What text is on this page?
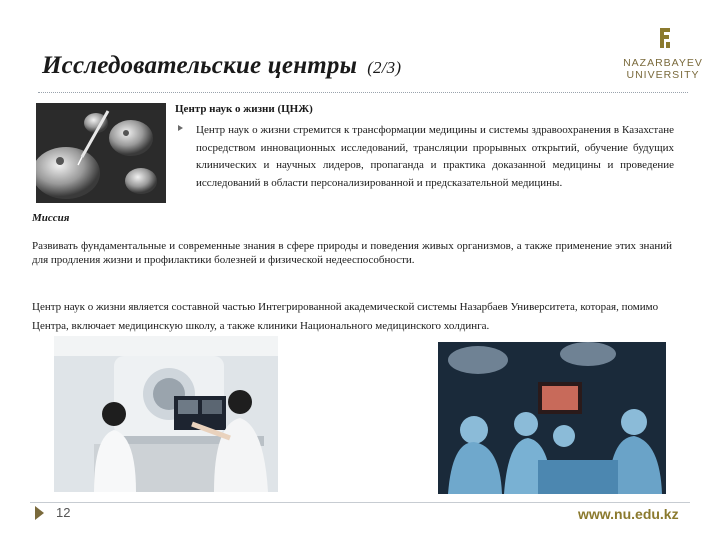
Исследовательские центры (2/3)	NAZARBAYEV
UNIVERSITY
Центр наук о жизни (ЦНЖ)
Центр наук о жизни стремится к трансформации медицины и системы здравоохранения в Казахстане посредством инновационных исследований, трансляции прорывных открытий, обучение будущих клинических и научных лидеров, пропаганда и практика доказанной медицины и проведение исследований в области персонализированной и предсказательной медицины.
Миссия
Развивать фундаментальные и современные знания в сфере природы и поведения живых организмов, а также применение этих знаний для продления жизни и профилактики болезней и физической недееспособности.
Центр наук о жизни является составной частью Интегрированной академической системы Назарбаев Университета, которая, помимо Центра, включает медицинскую школу, а также клиники Национального медицинского холдинга.
12	www.nu.edu.kz
